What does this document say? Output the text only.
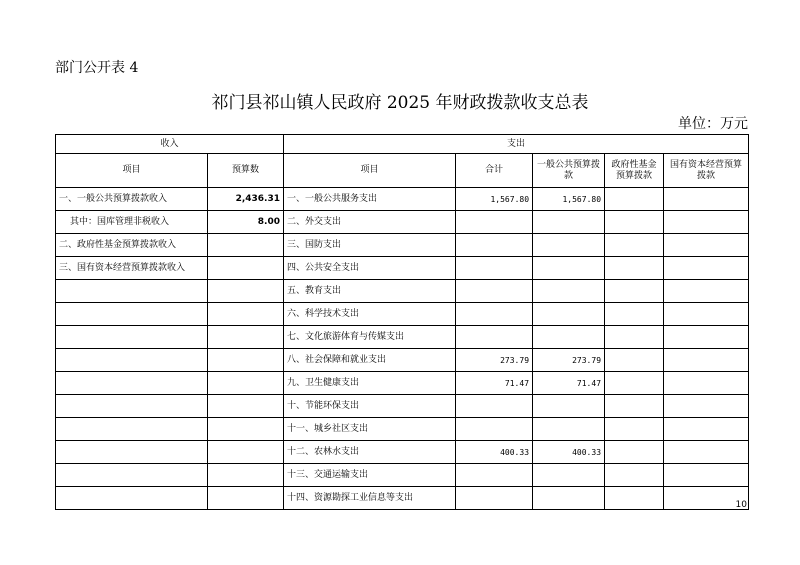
部门公开表 4
祁门县祁山镇人民政府 2025 年财政拨款收支总表
单位：万元
收入		支出				
项目	预算数	项目	合计	一般公共预算拨款	政府性基金预算拨款	国有资本经营预算拨款
一、一般公共预算拨款收入	2,436.31	一、一般公共服务支出	1,567.80	1,567.80		
其中：国库管理非税收入	8.00	二、外交支出				
二、政府性基金预算拨款收入		三、国防支出				
三、国有资本经营预算拨款收入		四、公共安全支出				
		五、教育支出				
		六、科学技术支出				
		七、文化旅游体育与传媒支出				
		八、社会保障和就业支出	273.79	273.79		
		九、卫生健康支出	71.47	71.47		
		十、节能环保支出				
		十一、城乡社区支出				
		十二、农林水支出	400.33	400.33		
		十三、交通运输支出				
		十四、资源勘探工业信息等支出				
10
